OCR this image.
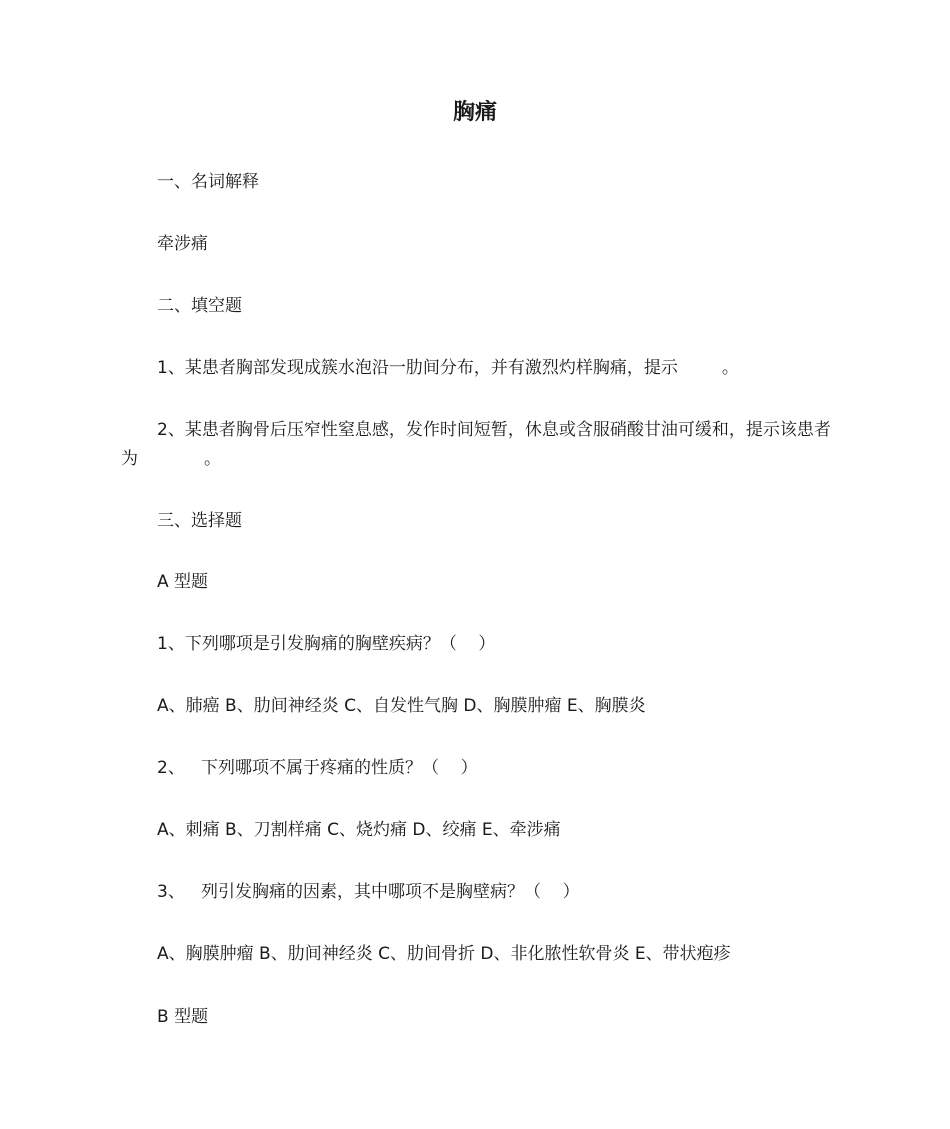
胸痛

一、名词解释

牵涉痛

二、填空题

1、某患者胸部发现成簇水泡沿一肋间分布，并有激烈灼样胸痛，提示	。

2、某患者胸骨后压窄性窒息感，发作时间短暂，休息或含服硝酸甘油可缓和，提示该患者为	。

三、选择题

A 型题

1、下列哪项是引发胸痛的胸壁疾病？（    ）

A、肺癌 B、肋间神经炎 C、自发性气胸 D、胸膜肿瘤 E、胸膜炎

2、   下列哪项不属于疼痛的性质？（    ）

A、刺痛 B、刀割样痛 C、烧灼痛 D、绞痛 E、牵涉痛

3、   列引发胸痛的因素，其中哪项不是胸壁病？（    ）

A、胸膜肿瘤 B、肋间神经炎 C、肋间骨折 D、非化脓性软骨炎 E、带状疱疹

B 型题
